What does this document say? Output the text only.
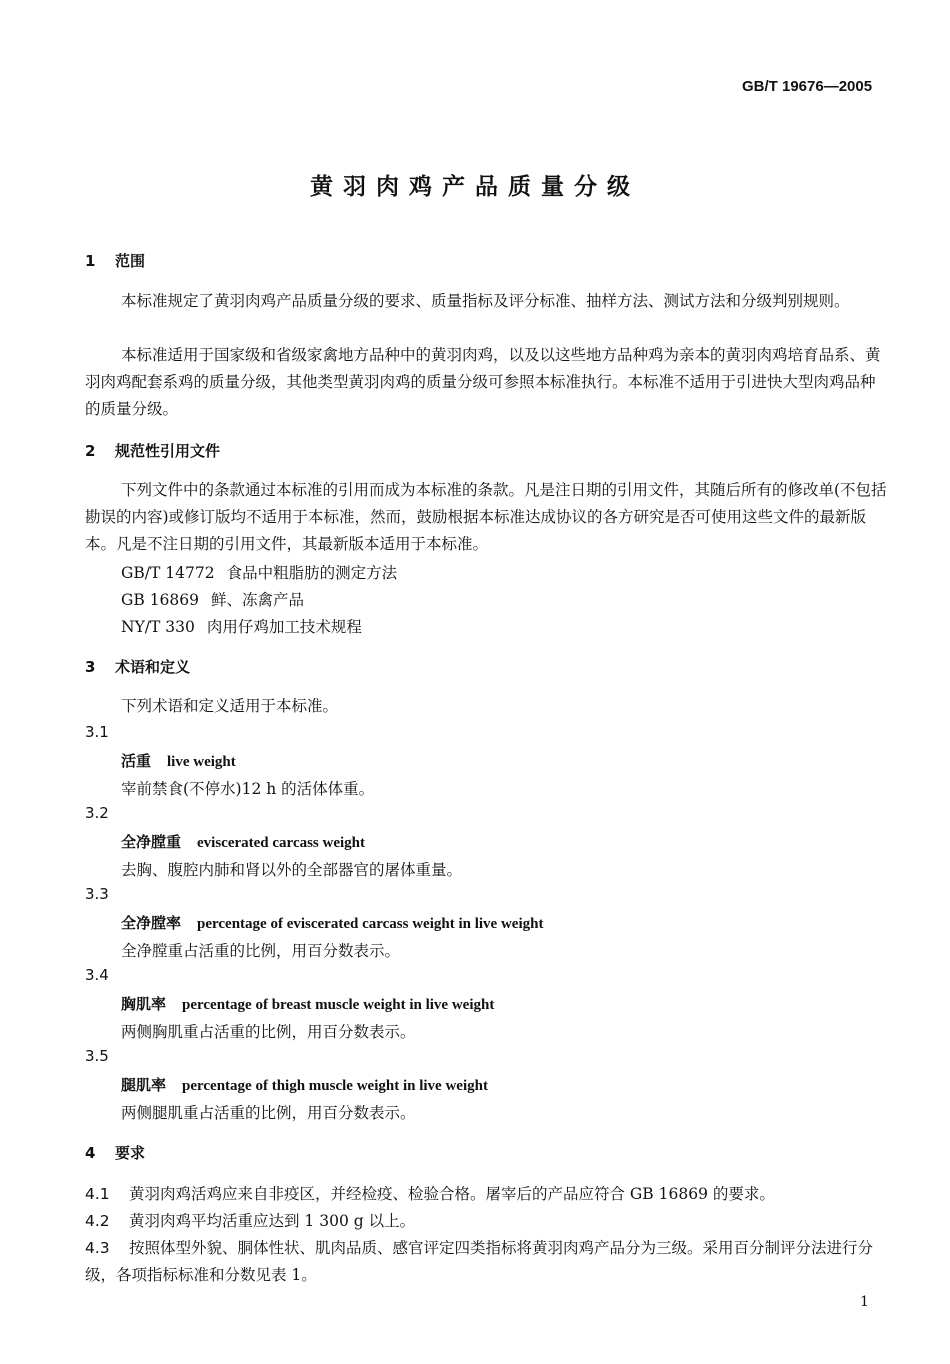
GB/T 19676—2005
黄羽肉鸡产品质量分级
1 范围
本标准规定了黄羽肉鸡产品质量分级的要求、质量指标及评分标准、抽样方法、测试方法和分级判别规则。
本标准适用于国家级和省级家禽地方品种中的黄羽肉鸡，以及以这些地方品种鸡为亲本的黄羽肉鸡培育品系、黄羽肉鸡配套系鸡的质量分级，其他类型黄羽肉鸡的质量分级可参照本标准执行。本标准不适用于引进快大型肉鸡品种的质量分级。
2 规范性引用文件
下列文件中的条款通过本标准的引用而成为本标准的条款。凡是注日期的引用文件，其随后所有的修改单(不包括勘误的内容)或修订版均不适用于本标准，然而，鼓励根据本标准达成协议的各方研究是否可使用这些文件的最新版本。凡是不注日期的引用文件，其最新版本适用于本标准。
GB/T 14772 食品中粗脂肪的测定方法
GB 16869 鲜、冻禽产品
NY/T 330 肉用仔鸡加工技术规程
3 术语和定义
下列术语和定义适用于本标准。
3.1
活重 live weight
宰前禁食(不停水)12 h 的活体体重。
3.2
全净膛重 eviscerated carcass weight
去胸、腹腔内肺和肾以外的全部器官的屠体重量。
3.3
全净膛率 percentage of eviscerated carcass weight in live weight
全净膛重占活重的比例，用百分数表示。
3.4
胸肌率 percentage of breast muscle weight in live weight
两侧胸肌重占活重的比例，用百分数表示。
3.5
腿肌率 percentage of thigh muscle weight in live weight
两侧腿肌重占活重的比例，用百分数表示。
4 要求
4.1 黄羽肉鸡活鸡应来自非疫区，并经检疫、检验合格。屠宰后的产品应符合 GB 16869 的要求。
4.2 黄羽肉鸡平均活重应达到 1 300 g 以上。
4.3 按照体型外貌、胴体性状、肌肉品质、感官评定四类指标将黄羽肉鸡产品分为三级。采用百分制评分法进行分级，各项指标标准和分数见表 1。
1
